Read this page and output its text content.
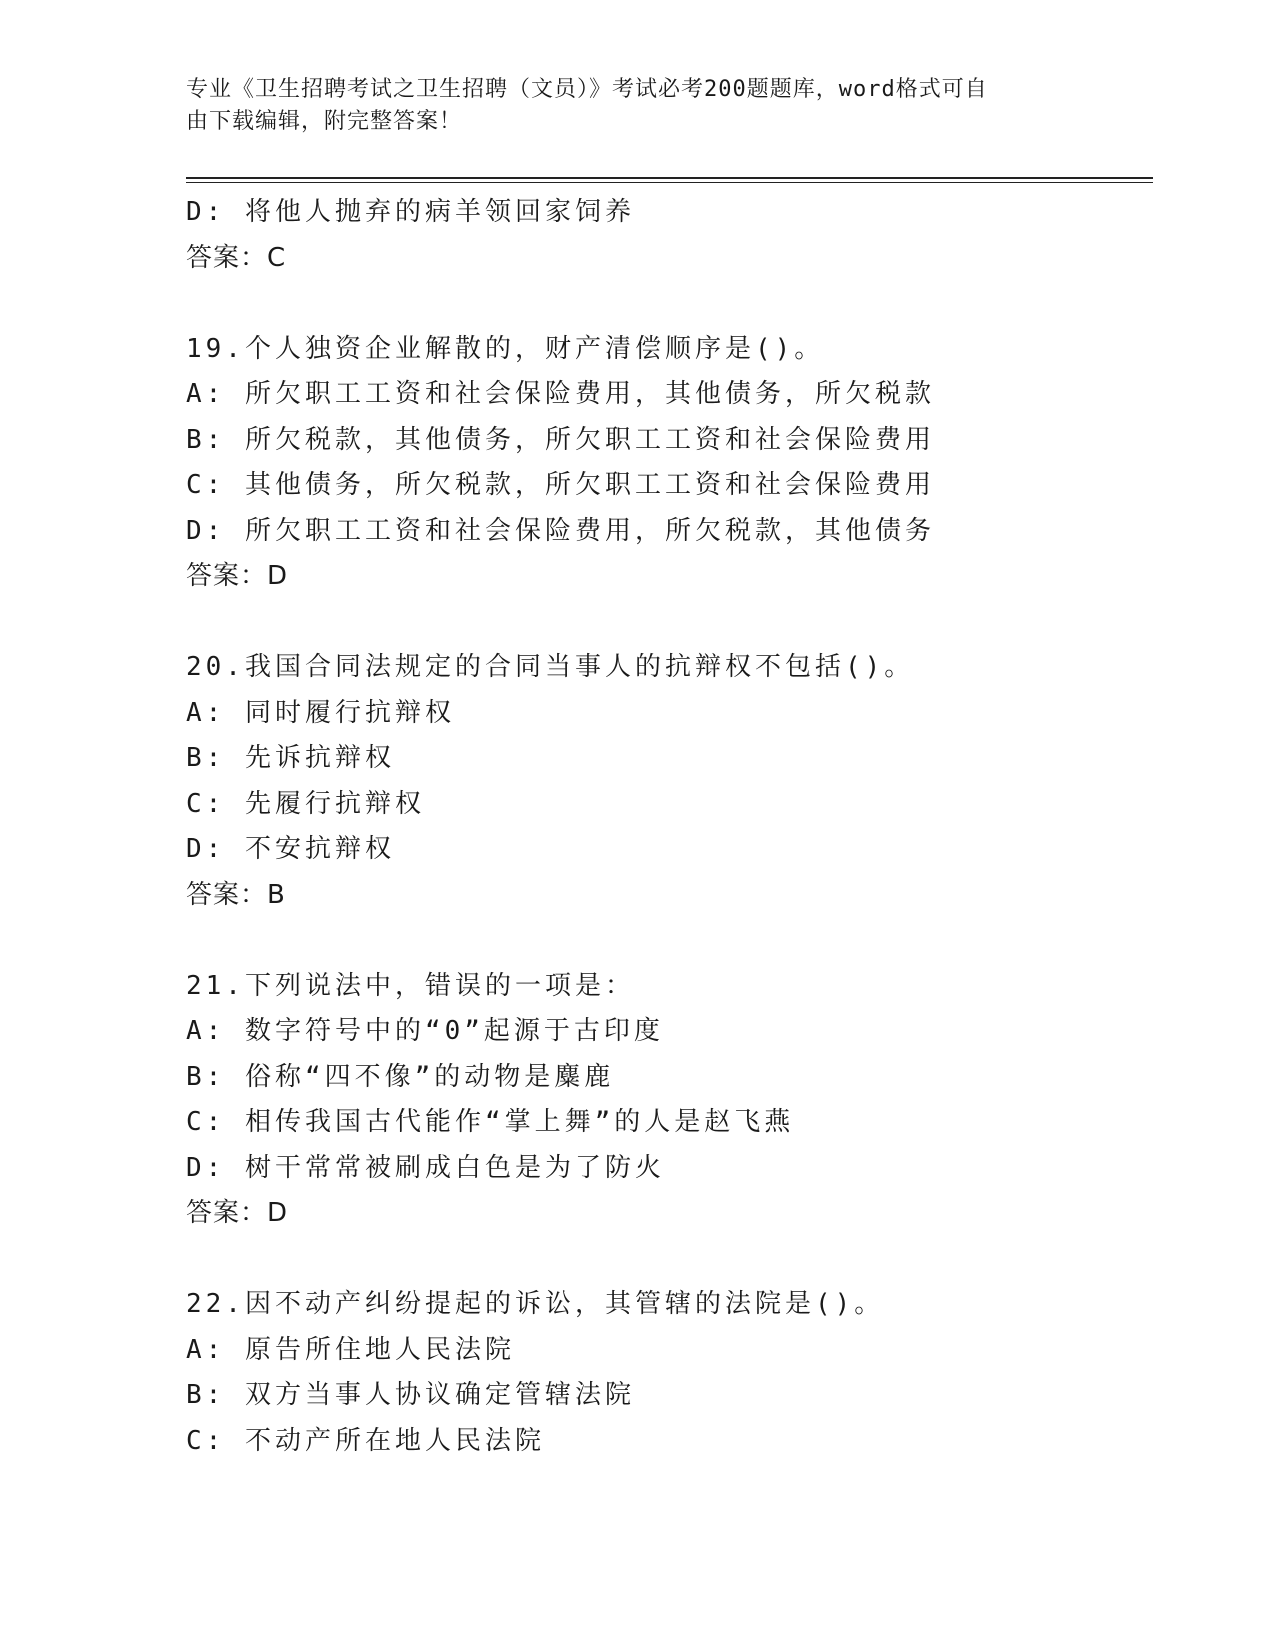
专业《卫生招聘考试之卫生招聘（文员）》考试必考200题题库，word格式可自
由下载编辑，附完整答案！
D: 将他人抛弃的病羊领回家饲养
答案：C
19.个人独资企业解散的，财产清偿顺序是()。
A: 所欠职工工资和社会保险费用，其他债务，所欠税款
B: 所欠税款，其他债务，所欠职工工资和社会保险费用
C: 其他债务，所欠税款，所欠职工工资和社会保险费用
D: 所欠职工工资和社会保险费用，所欠税款，其他债务
答案：D
20.我国合同法规定的合同当事人的抗辩权不包括()。
A: 同时履行抗辩权
B: 先诉抗辩权
C: 先履行抗辩权
D: 不安抗辩权
答案：B
21.下列说法中，错误的一项是：
A: 数字符号中的“0”起源于古印度
B: 俗称“四不像”的动物是麋鹿
C: 相传我国古代能作“掌上舞”的人是赵飞燕
D: 树干常常被刷成白色是为了防火
答案：D
22.因不动产纠纷提起的诉讼，其管辖的法院是()。
A: 原告所住地人民法院
B: 双方当事人协议确定管辖法院
C: 不动产所在地人民法院
